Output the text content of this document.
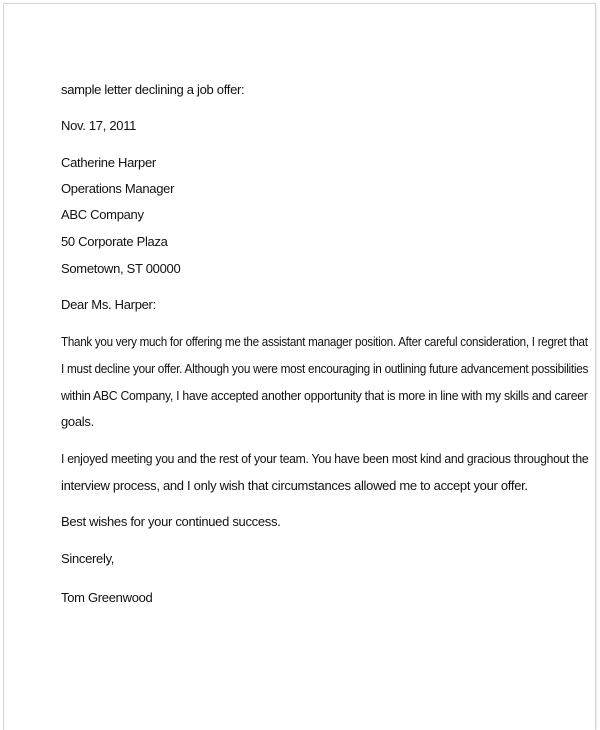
sample letter declining a job offer:
Nov. 17, 2011
Catherine Harper
Operations Manager
ABC Company
50 Corporate Plaza
Sometown, ST 00000
Dear Ms. Harper:
Thank you very much for offering me the assistant manager position. After careful consideration, I regret that
I must decline your offer. Although you were most encouraging in outlining future advancement possibilities
within ABC Company, I have accepted another opportunity that is more in line with my skills and career
goals.
I enjoyed meeting you and the rest of your team. You have been most kind and gracious throughout the
interview process, and I only wish that circumstances allowed me to accept your offer.
Best wishes for your continued success.
Sincerely,
Tom Greenwood
